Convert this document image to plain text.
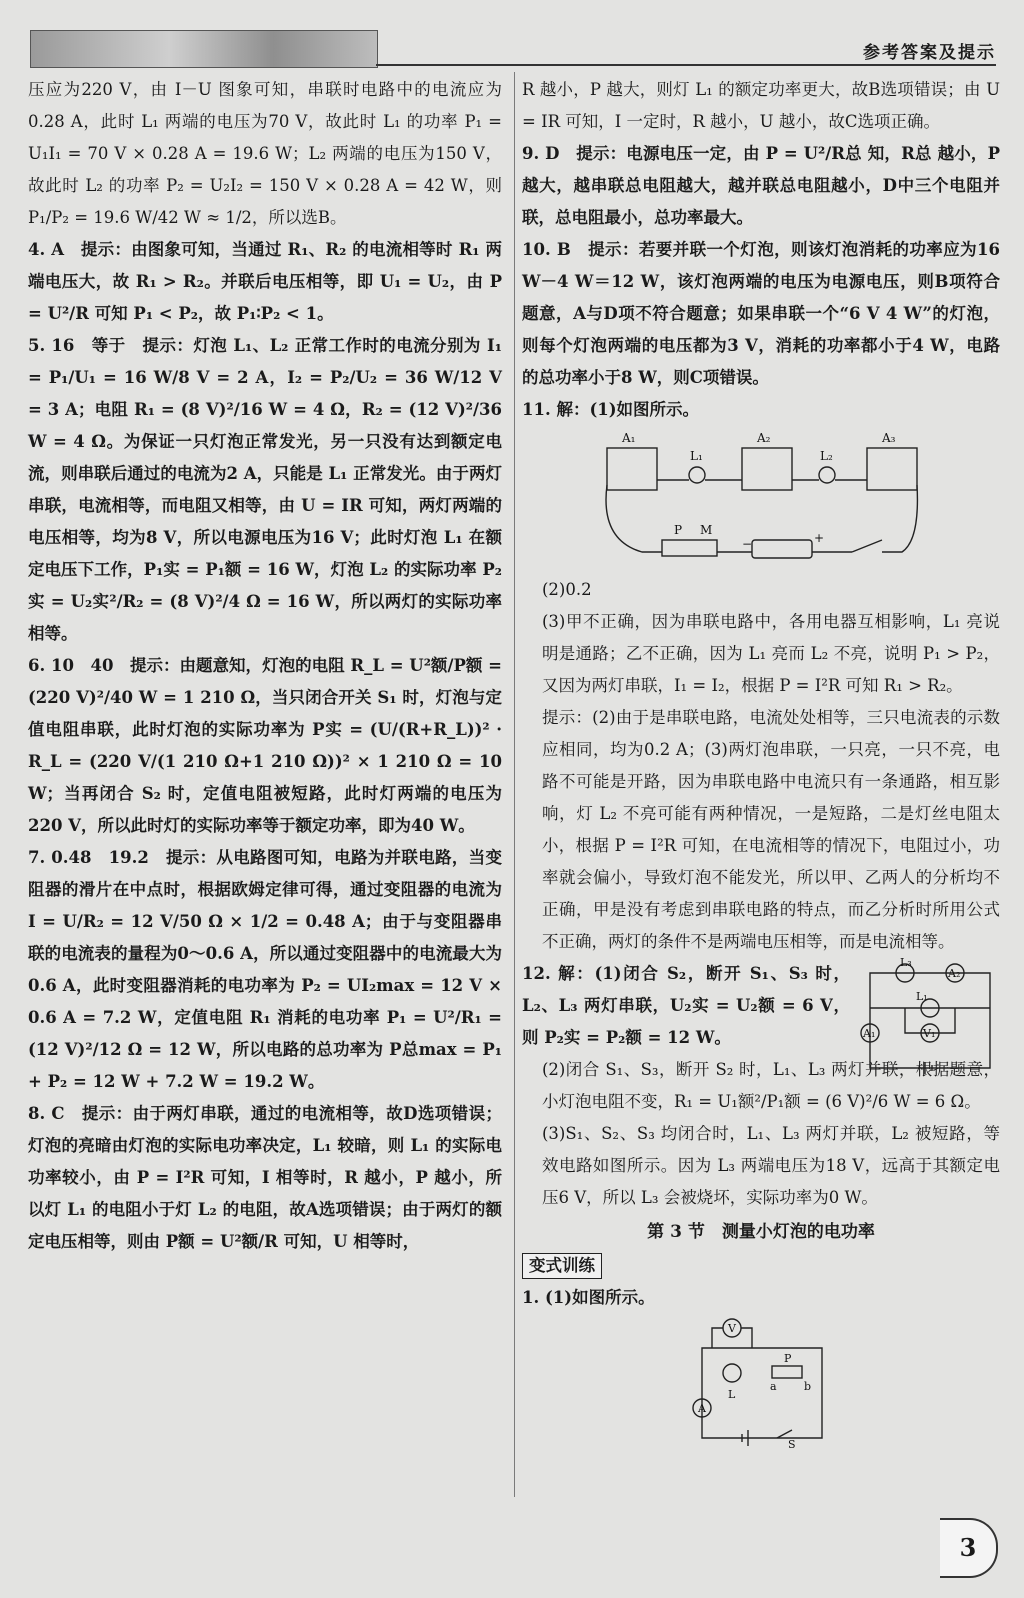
参考答案及提示

压应为220 V，由 I－U 图象可知，串联时电路中的电流应为0.28 A，此时 L₁ 两端的电压为70 V，故此时 L₁ 的功率 P₁ = U₁I₁ = 70 V × 0.28 A = 19.6 W；L₂ 两端的电压为150 V，故此时 L₂ 的功率 P₂ = U₂I₂ = 150 V × 0.28 A = 42 W，则 P₁/P₂ = 19.6 W/42 W ≈ 1/2，所以选B。

4. A　提示：由图象可知，当通过 R₁、R₂ 的电流相等时 R₁ 两端电压大，故 R₁ > R₂。并联后电压相等，即 U₁ = U₂，由 P = U²/R 可知 P₁ < P₂，故 P₁∶P₂ < 1。

5. 16　等于　提示：灯泡 L₁、L₂ 正常工作时的电流分别为 I₁ = P₁/U₁ = 16 W/8 V = 2 A，I₂ = P₂/U₂ = 36 W/12 V = 3 A；电阻 R₁ = (8 V)²/16 W = 4 Ω，R₂ = (12 V)²/36 W = 4 Ω。为保证一只灯泡正常发光，另一只没有达到额定电流，则串联后通过的电流为2 A，只能是 L₁ 正常发光。由于两灯串联，电流相等，而电阻又相等，由 U = IR 可知，两灯两端的电压相等，均为8 V，所以电源电压为16 V；此时灯泡 L₁ 在额定电压下工作，P₁实 = P₁额 = 16 W，灯泡 L₂ 的实际功率 P₂实 = U₂实²/R₂ = (8 V)²/4 Ω = 16 W，所以两灯的实际功率相等。

6. 10　40　提示：由题意知，灯泡的电阻 R_L = U²额/P额 = (220 V)²/40 W = 1 210 Ω，当只闭合开关 S₁ 时，灯泡与定值电阻串联，此时灯泡的实际功率为 P实 = (U/(R+R_L))² · R_L = (220 V/(1 210 Ω+1 210 Ω))² × 1 210 Ω = 10 W；当再闭合 S₂ 时，定值电阻被短路，此时灯两端的电压为220 V，所以此时灯的实际功率等于额定功率，即为40 W。

7. 0.48　19.2　提示：从电路图可知，电路为并联电路，当变阻器的滑片在中点时，根据欧姆定律可得，通过变阻器的电流为 I = U/R₂ = 12 V/50 Ω × 1/2 = 0.48 A；由于与变阻器串联的电流表的量程为0～0.6 A，所以通过变阻器中的电流最大为0.6 A，此时变阻器消耗的电功率为 P₂ = UI₂max = 12 V × 0.6 A = 7.2 W，定值电阻 R₁ 消耗的电功率 P₁ = U²/R₁ = (12 V)²/12 Ω = 12 W，所以电路的总功率为 P总max = P₁ + P₂ = 12 W + 7.2 W = 19.2 W。

8. C　提示：由于两灯串联，通过的电流相等，故D选项错误；灯泡的亮暗由灯泡的实际电功率决定，L₁ 较暗，则 L₁ 的实际电功率较小，由 P = I²R 可知，I 相等时，R 越小，P 越小，所以灯 L₁ 的电阻小于灯 L₂ 的电阻，故A选项错误；由于两灯的额定电压相等，则由 P额 = U²额/R 可知，U 相等时，

R 越小，P 越大，则灯 L₁ 的额定功率更大，故B选项错误；由 U = IR 可知，I 一定时，R 越小，U 越小，故C选项正确。

9. D　提示：电源电压一定，由 P = U²/R总 知，R总 越小，P 越大，越串联总电阻越大，越并联总电阻越小，D中三个电阻并联，总电阻最小，总功率最大。

10. B　提示：若要并联一个灯泡，则该灯泡消耗的功率应为16 W－4 W＝12 W，该灯泡两端的电压为电源电压，则B项符合题意，A与D项不符合题意；如果串联一个“6 V 4 W”的灯泡，则每个灯泡两端的电压都为3 V，消耗的功率都小于4 W，电路的总功率小于8 W，则C项错误。

11. 解：(1)如图所示。

A₁
L₁
A₂
L₂
A₃
P M
−	+

(2)0.2

(3)甲不正确，因为串联电路中，各用电器互相影响，L₁ 亮说明是通路；乙不正确，因为 L₁ 亮而 L₂ 不亮，说明 P₁ > P₂，又因为两灯串联，I₁ = I₂，根据 P = I²R 可知 R₁ > R₂。

提示：(2)由于是串联电路，电流处处相等，三只电流表的示数应相同，均为0.2 A；(3)两灯泡串联，一只亮，一只不亮，电路不可能是开路，因为串联电路中电流只有一条通路，相互影响，灯 L₂ 不亮可能有两种情况，一是短路，二是灯丝电阻太小，根据 P = I²R 可知，在电流相等的情况下，电阻过小，功率就会偏小，导致灯泡不能发光，所以甲、乙两人的分析均不正确，甲是没有考虑到串联电路的特点，而乙分析时所用公式不正确，两灯的条件不是两端电压相等，而是电流相等。

L₃
A₂
L₁
V₁
A₁

12. 解：(1)闭合 S₂，断开 S₁、S₃ 时，L₂、L₃ 两灯串联，U₂实 = U₂额 = 6 V，则 P₂实 = P₂额 = 12 W。

(2)闭合 S₁、S₃，断开 S₂ 时，L₁、L₃ 两灯并联，根据题意，小灯泡电阻不变，R₁ = U₁额²/P₁额 = (6 V)²/6 W = 6 Ω。

(3)S₁、S₂、S₃ 均闭合时，L₁、L₃ 两灯并联，L₂ 被短路，等效电路如图所示。因为 L₃ 两端电压为18 V，远高于其额定电压6 V，所以 L₃ 会被烧坏，实际功率为0 W。

第 3 节　测量小灯泡的电功率
变式训练

1. (1)如图所示。

V
L
P
a b
A
S
3
